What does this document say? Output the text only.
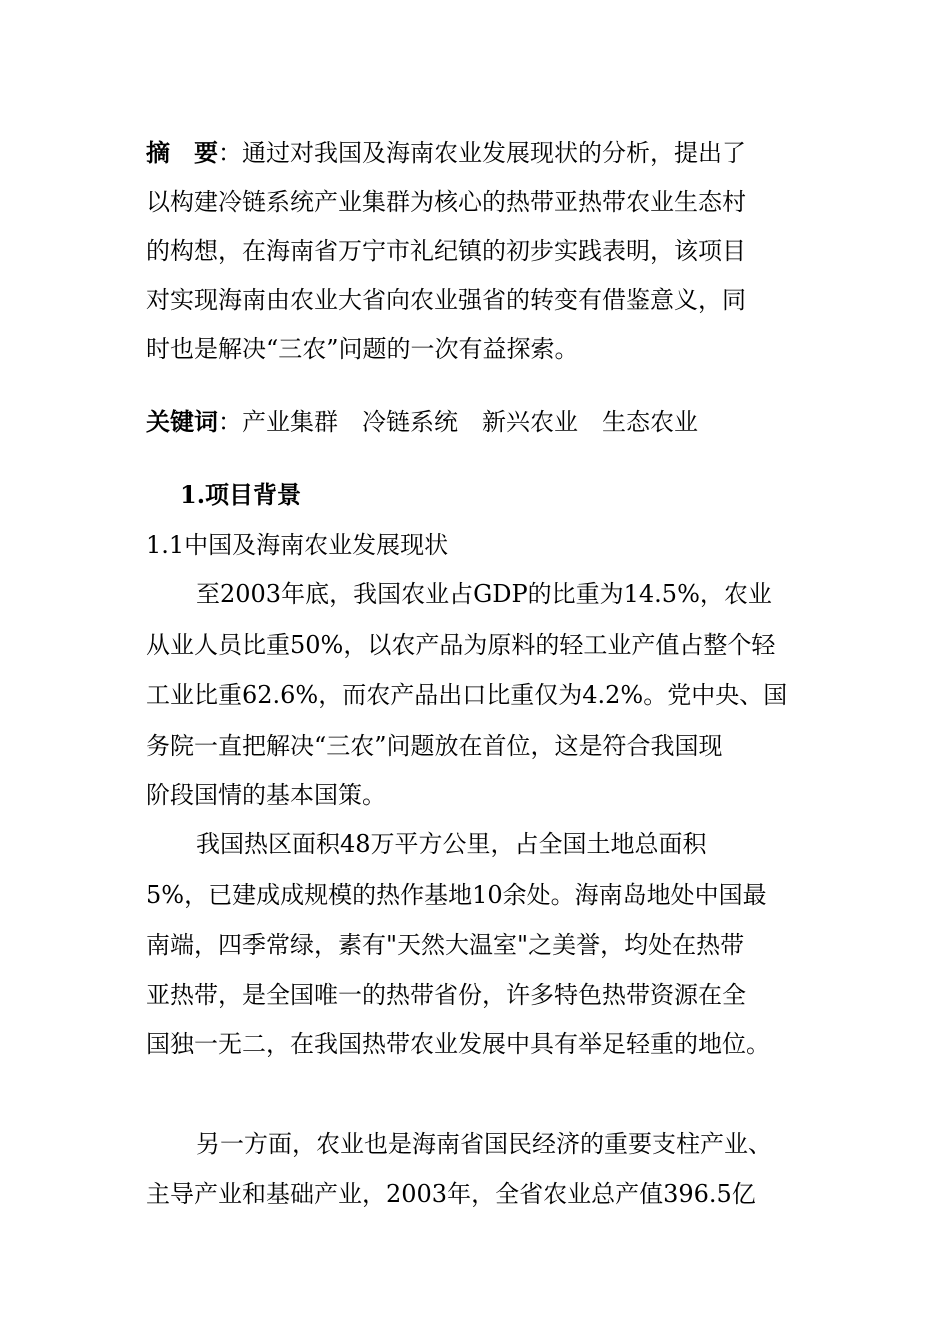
摘　要：通过对我国及海南农业发展现状的分析，提出了
以构建冷链系统产业集群为核心的热带亚热带农业生态村
的构想，在海南省万宁市礼纪镇的初步实践表明，该项目
对实现海南由农业大省向农业强省的转变有借鉴意义，同
时也是解决“三农”问题的一次有益探索。
关键词：产业集群　冷链系统　新兴农业　生态农业
1.项目背景
1.1中国及海南农业发展现状
至2003年底，我国农业占GDP的比重为14.5%，农业
从业人员比重50%，以农产品为原料的轻工业产值占整个轻
工业比重62.6%，而农产品出口比重仅为4.2%。党中央、国
务院一直把解决“三农”问题放在首位，这是符合我国现
阶段国情的基本国策。
我国热区面积48万平方公里，占全国土地总面积
5%，已建成成规模的热作基地10余处。海南岛地处中国最
南端，四季常绿，素有"天然大温室"之美誉，均处在热带
亚热带，是全国唯一的热带省份，许多特色热带资源在全
国独一无二，在我国热带农业发展中具有举足轻重的地位。
另一方面，农业也是海南省国民经济的重要支柱产业、
主导产业和基础产业，2003年，全省农业总产值396.5亿
